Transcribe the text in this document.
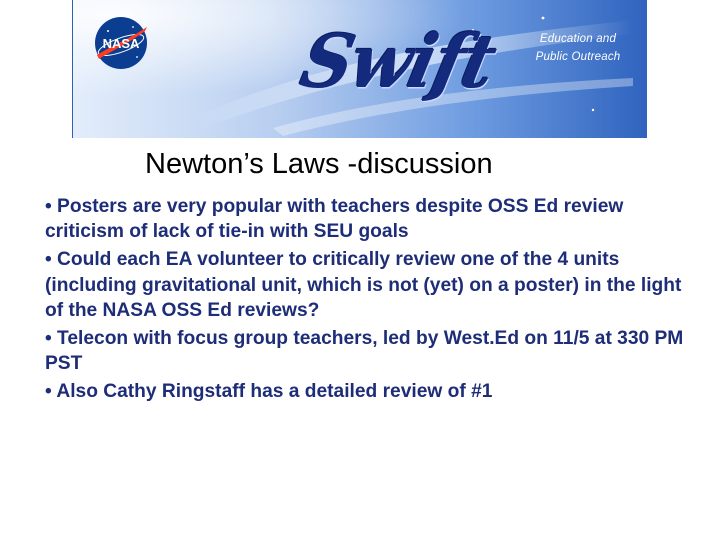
NASA Swift	Education and
Public Outreach
Newton’s Laws -discussion
• Posters are very popular with teachers despite OSS Ed review criticism of lack of tie-in with SEU goals
• Could each EA volunteer to critically review one of the 4 units (including gravitational unit, which is not (yet) on a poster) in the light of the NASA OSS Ed reviews?
• Telecon with focus group teachers, led by West.Ed on 11/5 at 330 PM PST
• Also Cathy Ringstaff has a detailed review of #1
